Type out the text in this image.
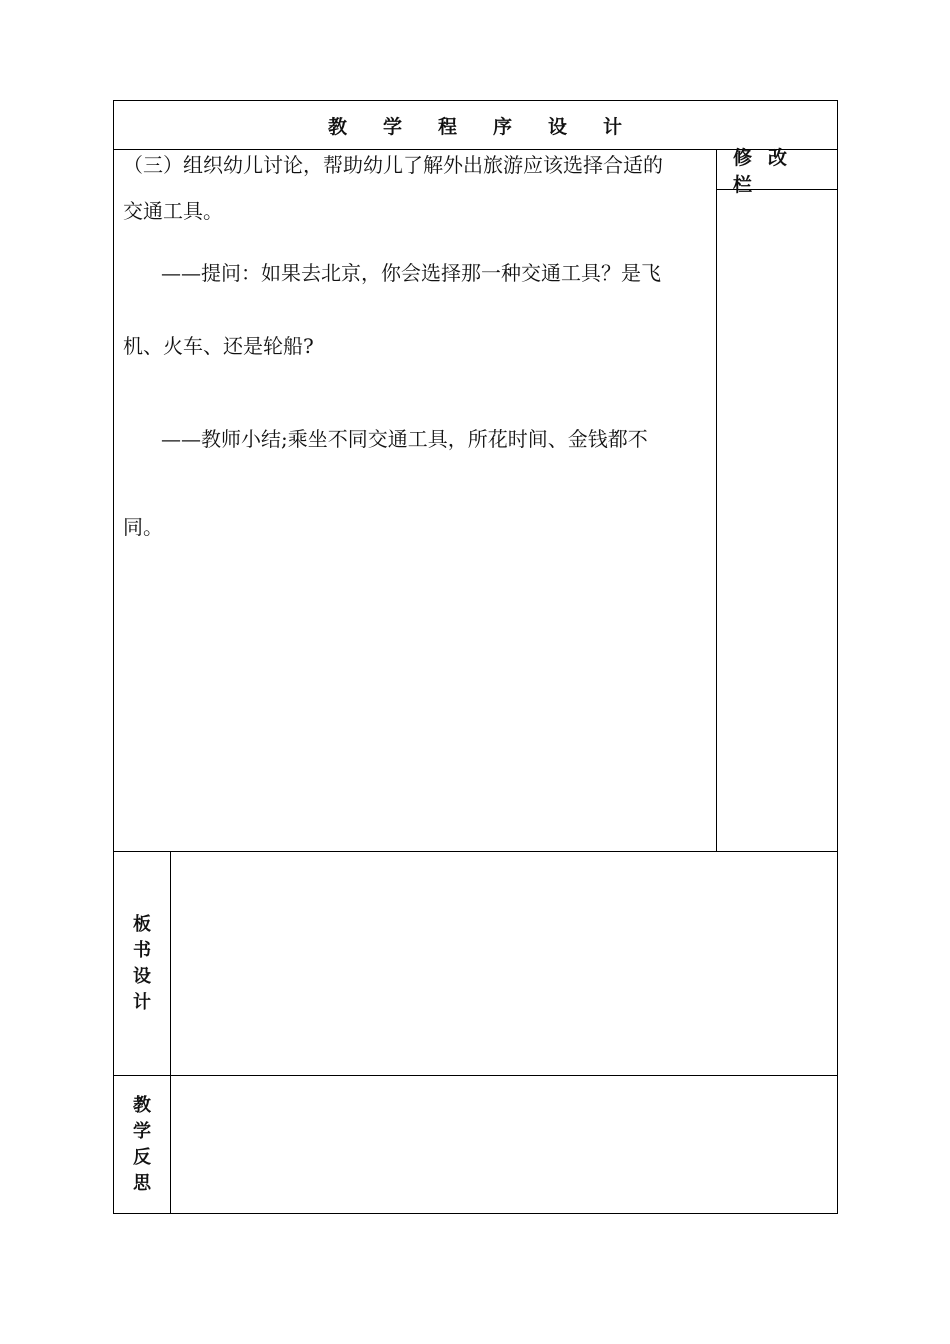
教学程序设计
修改栏
（三）组织幼儿讨论，帮助幼儿了解外出旅游应该选择合适的
交通工具。
——提问：如果去北京，你会选择那一种交通工具？是飞
机、火车、还是轮船?
——教师小结;乘坐不同交通工具，所花时间、金钱都不
同。
板
书
设
计
教
学
反
思
